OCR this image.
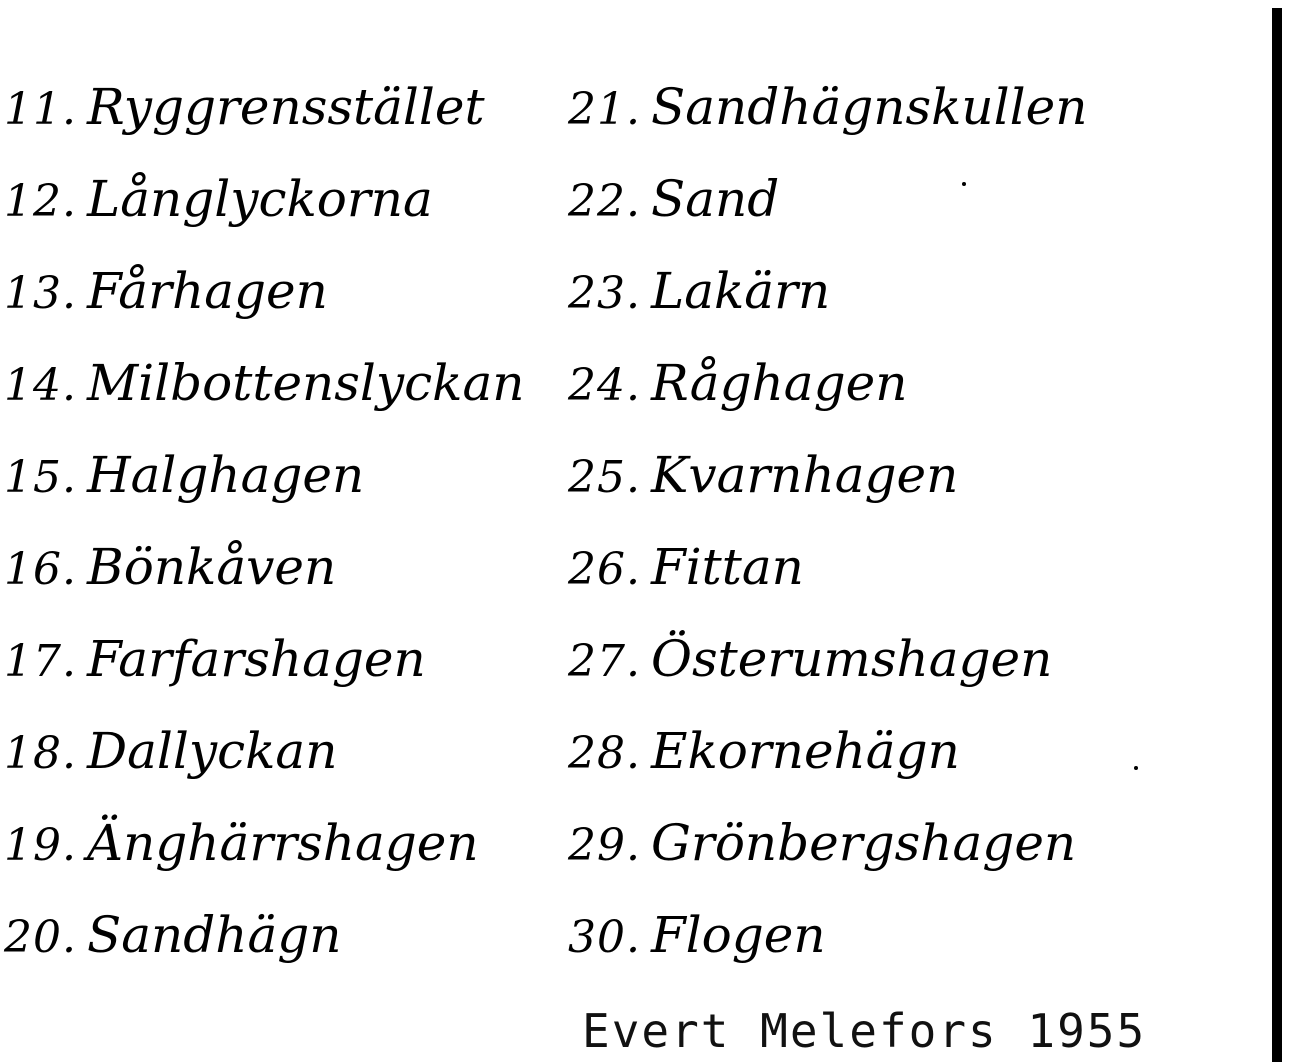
11. Ryggrensstället
12. Långlyckorna
13. Fårhagen
14. Milbottenslyckan
15. Halghagen
16. Bönkåven
17. Farfarshagen
18. Dallyckan
19. Änghärrshagen
20. Sandhägn
21. Sandhägnskullen
22. Sand
23. Lakärn
24. Råghagen
25. Kvarnhagen
26. Fittan
27. Österumshagen
28. Ekornehägn
29. Grönbergshagen
30. Flogen
Evert Melefors 1955
